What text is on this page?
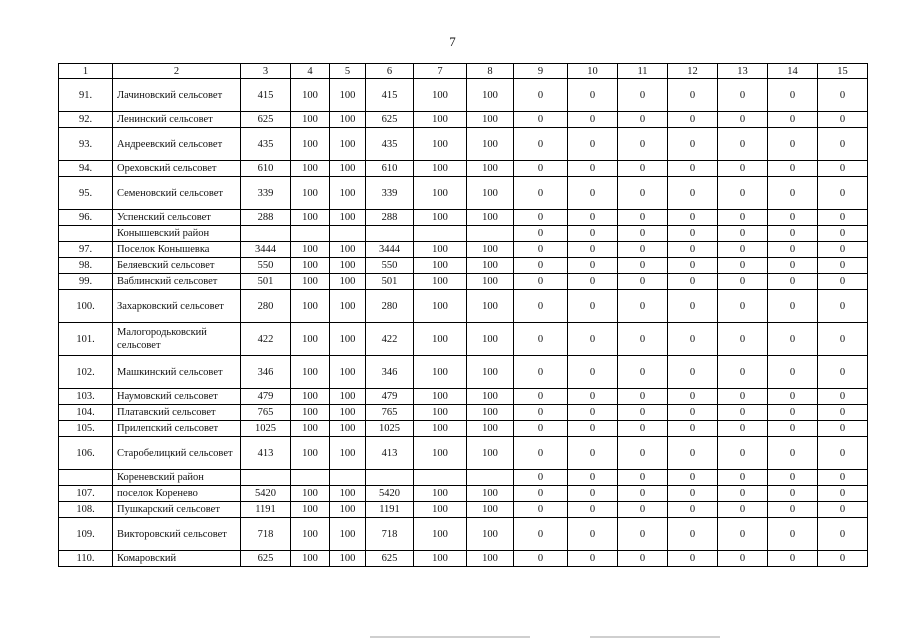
7
1	2	3	4	5	6	7	8	9	10	11	12	13	14	15
91.	Лачиновский сельсовет	415	100	100	415	100	100	0	0	0	0	0	0	0
92.	Ленинский сельсовет	625	100	100	625	100	100	0	0	0	0	0	0	0
93.	Андреевский сельсовет	435	100	100	435	100	100	0	0	0	0	0	0	0
94.	Ореховский сельсовет	610	100	100	610	100	100	0	0	0	0	0	0	0
95.	Семеновский сельсовет	339	100	100	339	100	100	0	0	0	0	0	0	0
96.	Успенский сельсовет	288	100	100	288	100	100	0	0	0	0	0	0	0
	Конышевский район							0	0	0	0	0	0	0
97.	Поселок Конышевка	3444	100	100	3444	100	100	0	0	0	0	0	0	0
98.	Беляевский сельсовет	550	100	100	550	100	100	0	0	0	0	0	0	0
99.	Ваблинский сельсовет	501	100	100	501	100	100	0	0	0	0	0	0	0
100.	Захарковский сельсовет	280	100	100	280	100	100	0	0	0	0	0	0	0
101.	Малогородьковский сельсовет	422	100	100	422	100	100	0	0	0	0	0	0	0
102.	Машкинский сельсовет	346	100	100	346	100	100	0	0	0	0	0	0	0
103.	Наумовский сельсовет	479	100	100	479	100	100	0	0	0	0	0	0	0
104.	Платавский сельсовет	765	100	100	765	100	100	0	0	0	0	0	0	0
105.	Прилепский сельсовет	1025	100	100	1025	100	100	0	0	0	0	0	0	0
106.	Старобелицкий сельсовет	413	100	100	413	100	100	0	0	0	0	0	0	0
	Кореневский район							0	0	0	0	0	0	0
107.	поселок Коренево	5420	100	100	5420	100	100	0	0	0	0	0	0	0
108.	Пушкарский сельсовет	1191	100	100	1191	100	100	0	0	0	0	0	0	0
109.	Викторовский сельсовет	718	100	100	718	100	100	0	0	0	0	0	0	0
110.	Комаровский	625	100	100	625	100	100	0	0	0	0	0	0	0
